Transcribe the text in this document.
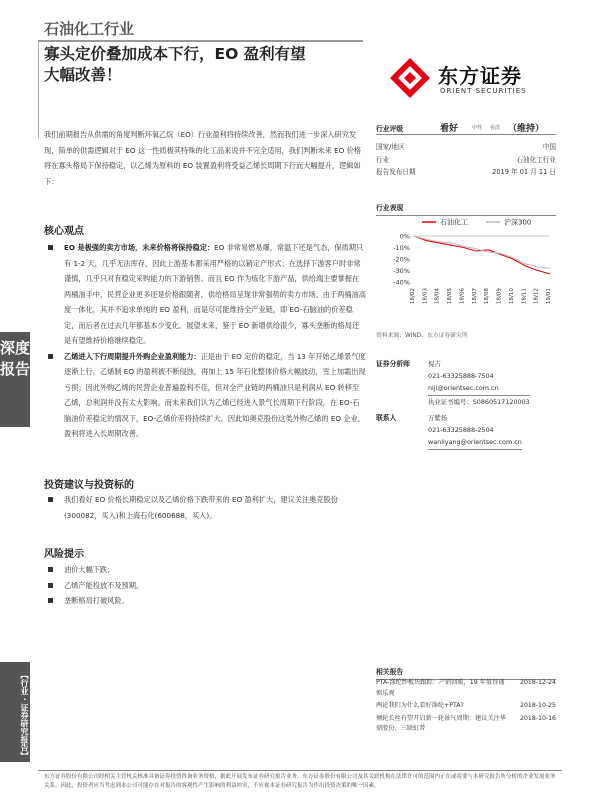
石油化工行业
寡头定价叠加成本下行，EO 盈利有望
大幅改善！	东方证券
ORIENT SECURITIES
我们前期报告从供需的角度判断环氧乙烷（EO）行业盈利将持续改善，然而我们进一步深入研究发现，简单的供需逻辑对于 EO 这一性质极其特殊的化工品来说并不完全适用，我们判断未来 EO 价格将在寡头格局下保持稳定，以乙烯为原料的 EO 装置盈利将受益乙烯长周期下行而大幅提升，逻辑如下：
核心观点
EO 是极强的卖方市场，未来价格将保持稳定：EO 非常易燃易爆，常温下还是气态，保质期只有 1-2 天，几乎无法库存，因此上游基本都采用严格的以销定产形式；在选择下游客户时非常谨慎，几乎只对有稳定采购能力的下游销售。而且 EO 作为炼化下游产品，供给端主要掌握在两桶油手中，民营企业更多还是价格跟随者，供给格局呈现非常强势的卖方市场。由于两桶油高度一体化，其并不追求单纯的 EO 盈利，而是尽可能维持全产业链，即 EO-石脑油的价差稳定，而后者在过去几年都基本少变化。展望未来，鉴于 EO 新增供给很少，寡头垄断的格局还是有望维持价格继续稳定。
乙烯进入下行周期提升外购企业盈利能力：正是由于 EO 定价的稳定，当 13 年开始乙烯景气度逐渐上行，乙烯制 EO 的盈利被不断侵蚀，再加上 15 年石化整体价格大幅波动，雪上加霜出现亏损；因此外购乙烯的民营企业普遍盈利不佳，但对全产业链的两桶油只是利润从 EO 转移至乙烯，总利润并没有太大影响。而未来我们认为乙烯已经进入景气长周期下行阶段，在 EO-石脑油价差稳定的情况下，EO-乙烯价差将持续扩大，因此如奥克股份这类外购乙烯的 EO 企业，盈利将进入长周期改善。
投资建议与投资标的
我们看好 EO 价格长期稳定以及乙烯价格下跌带来的 EO 盈利扩大，建议关注奥克股份(300082，买入)和上海石化(600688，买入)。
风险提示
油价大幅下跌；
乙烯产能投放不及预期。
垄断格局打破风险。
深度报告
【行业 · 证券研究报告】
行业评级	看好	中性 看淡 （维持）
国家/地区	中国
行业	石油化工行业
报告发布日期	2019 年 01 月 11 日
行业表现
石油化工	沪深300
0%
-10%
-20%
-30%
-40%
18/02 18/03 18/04 18/05 18/06 18/07 18/08 18/09 18/10 18/11 18/12 19/01
资料来源：WIND、东方证券研究所
证券分析师	倪吉
021-63325888-7504
niji@orientsec.com.cn
执业证书编号：S0860517120003
联系人	万紫扬
021-63325888-2504
wanliyang@orientsec.com.cn
相关报告
PTA-涤纶纱板块跟踪：产销回暖，19 年值得谨慎乐观
2018-12-24
两论我们为什么看好涤纶+PTA?	2018-10-25
倾轮长丝有望开启新一轮景气周期：建议关注华鼎股份、三联虹普
2018-10-16
东方证券股份有限公司经相关主管机关核准具备证券投资咨询业务资格，据此开展发布证券研究报告业务。东方证券股份有限公司及其关联机构在法律许可的范围内正在或将要与本研究报告所分析的企业发展业务关系。因此，投资者应当考虑到本公司可能存在对报告的客观性产生影响的利益冲突，不应视本证券研究报告为作出投资决策的唯一因素。
